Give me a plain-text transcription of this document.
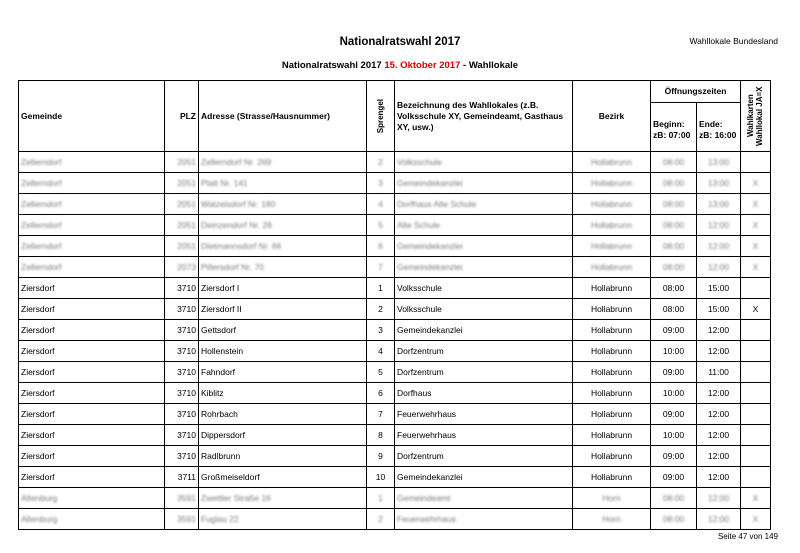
Nationalratswahl 2017	Wahllokale Bundesland
Nationalratswahl 2017 15. Oktober 2017 - Wahllokale
Gemeinde	PLZ	Adresse (Strasse/Hausnummer)	Sprengel	Bezeichnung des Wahllokales (z.B. Volksschule XY, Gemeindeamt, Gasthaus XY, usw.)	Bezirk	Öffnungszeiten		Wahlkarten Wahllokal JA=X

						Beginn: zB: 07:00	Ende: zB: 16:00	
Zellerndorf	2051	Zellerndorf Nr. 269	2	Volksschule	Hollabrunn	08:00	13:00	
Zellerndorf	2051	Platt Nr. 141	3	Gemeindekanzlei	Hollabrunn	08:00	13:00	X
Zellerndorf	2051	Watzelsdorf Nr. 180	4	Dorfhaus Alte Schule	Hollabrunn	08:00	13:00	X
Zellerndorf	2051	Deinzendorf Nr. 28	5	Alte Schule	Hollabrunn	08:00	12:00	X
Zellerndorf	2051	Dietmannsdorf Nr. 66	6	Gemeindekanzlei	Hollabrunn	08:00	12:00	X
Zellerndorf	2073	Pillersdorf Nr. 70	7	Gemeindekanzlei	Hollabrunn	08:00	12:00	X
Ziersdorf	3710	Ziersdorf I	1	Volksschule	Hollabrunn	08:00	15:00	
Ziersdorf	3710	Ziersdorf II	2	Volksschule	Hollabrunn	08:00	15:00	X
Ziersdorf	3710	Gettsdorf	3	Gemeindekanzlei	Hollabrunn	09:00	12:00	
Ziersdorf	3710	Hollenstein	4	Dorfzentrum	Hollabrunn	10:00	12:00	
Ziersdorf	3710	Fahndorf	5	Dorfzentrum	Hollabrunn	09:00	11:00	
Ziersdorf	3710	Kiblitz	6	Dorfhaus	Hollabrunn	10:00	12:00	
Ziersdorf	3710	Rohrbach	7	Feuerwehrhaus	Hollabrunn	09:00	12:00	
Ziersdorf	3710	Dippersdorf	8	Feuerwehrhaus	Hollabrunn	10:00	12:00	
Ziersdorf	3710	Radlbrunn	9	Dorfzentrum	Hollabrunn	09:00	12:00	
Ziersdorf	3711	Großmeiseldorf	10	Gemeindekanzlei	Hollabrunn	09:00	12:00	
Altenburg	3591	Zwettler Straße 16	1	Gemeindeamt	Horn	08:00	12:00	X
Altenburg	3591	Fuglau 22	2	Feuerwehrhaus	Horn	08:00	12:00	X
Seite 47 von 149
